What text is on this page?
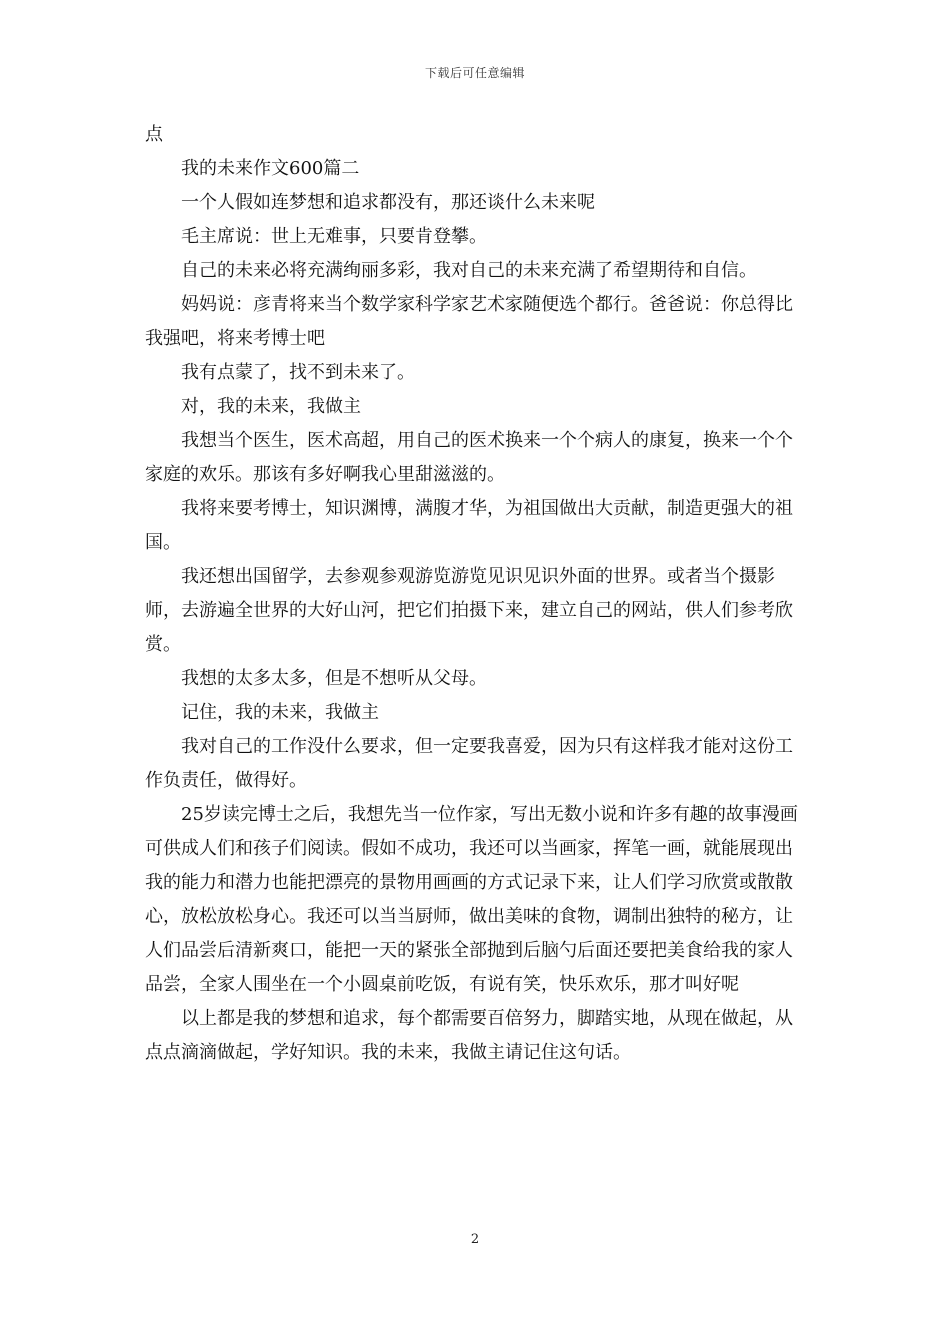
下载后可任意编辑

点

我的未来作文600篇二

一个人假如连梦想和追求都没有，那还谈什么未来呢

毛主席说：世上无难事，只要肯登攀。

自己的未来必将充满绚丽多彩，我对自己的未来充满了希望期待和自信。

妈妈说：彦青将来当个数学家科学家艺术家随便选个都行。爸爸说：你总得比我强吧，将来考博士吧

我有点蒙了，找不到未来了。

对，我的未来，我做主

我想当个医生，医术高超，用自己的医术换来一个个病人的康复，换来一个个家庭的欢乐。那该有多好啊我心里甜滋滋的。

我将来要考博士，知识渊博，满腹才华，为祖国做出大贡献，制造更强大的祖国。

我还想出国留学，去参观参观游览游览见识见识外面的世界。或者当个摄影师，去游遍全世界的大好山河，把它们拍摄下来，建立自己的网站，供人们参考欣赏。

我想的太多太多，但是不想听从父母。

记住，我的未来，我做主

我对自己的工作没什么要求，但一定要我喜爱，因为只有这样我才能对这份工作负责任，做得好。

25岁读完博士之后，我想先当一位作家，写出无数小说和许多有趣的故事漫画可供成人们和孩子们阅读。假如不成功，我还可以当画家，挥笔一画，就能展现出我的能力和潜力也能把漂亮的景物用画画的方式记录下来，让人们学习欣赏或散散心，放松放松身心。我还可以当当厨师，做出美味的食物，调制出独特的秘方，让人们品尝后清新爽口，能把一天的紧张全部抛到后脑勺后面还要把美食给我的家人品尝，全家人围坐在一个小圆桌前吃饭，有说有笑，快乐欢乐，那才叫好呢

以上都是我的梦想和追求，每个都需要百倍努力，脚踏实地，从现在做起，从点点滴滴做起，学好知识。我的未来，我做主请记住这句话。

2
